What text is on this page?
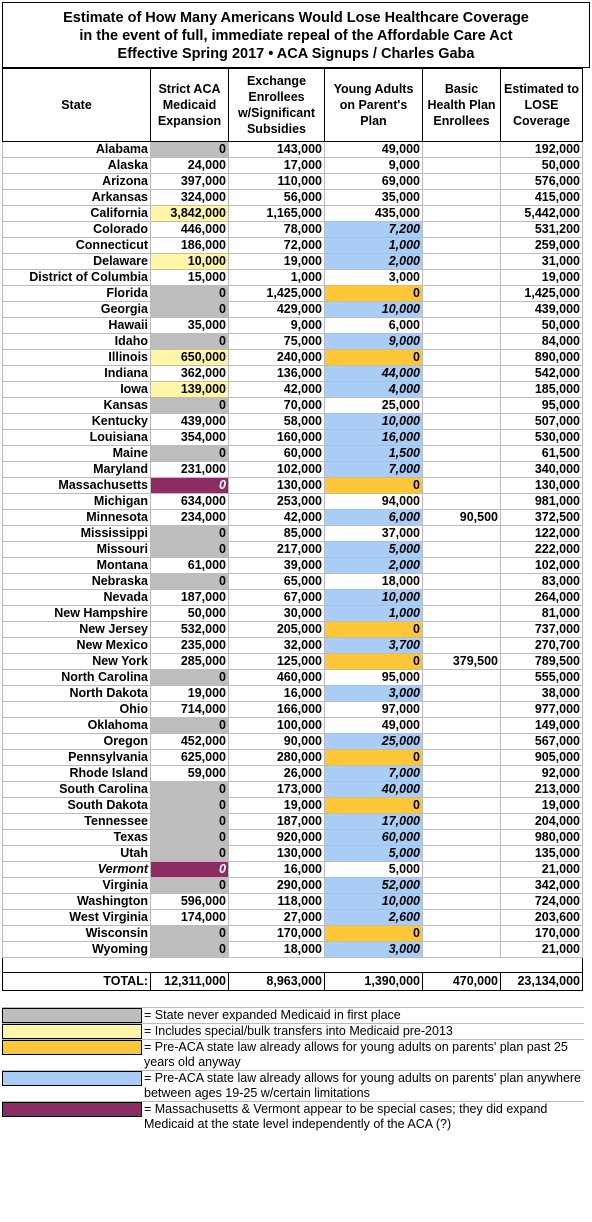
Estimate of How Many Americans Would Lose Healthcare Coverage
in the event of full, immediate repeal of the Affordable Care Act
Effective Spring 2017 • ACA Signups / Charles Gaba
State	Strict ACA Medicaid Expansion	Exchange Enrollees w/Significant Subsidies	Young Adults on Parent's Plan	Basic Health Plan Enrollees	Estimated to LOSE Coverage
Alabama	0	143,000	49,000		192,000
Alaska	24,000	17,000	9,000		50,000
Arizona	397,000	110,000	69,000		576,000
Arkansas	324,000	56,000	35,000		415,000
California	3,842,000	1,165,000	435,000		5,442,000
Colorado	446,000	78,000	7,200		531,200
Connecticut	186,000	72,000	1,000		259,000
Delaware	10,000	19,000	2,000		31,000
District of Columbia	15,000	1,000	3,000		19,000
Florida	0	1,425,000	0		1,425,000
Georgia	0	429,000	10,000		439,000
Hawaii	35,000	9,000	6,000		50,000
Idaho	0	75,000	9,000		84,000
Illinois	650,000	240,000	0		890,000
Indiana	362,000	136,000	44,000		542,000
Iowa	139,000	42,000	4,000		185,000
Kansas	0	70,000	25,000		95,000
Kentucky	439,000	58,000	10,000		507,000
Louisiana	354,000	160,000	16,000		530,000
Maine	0	60,000	1,500		61,500
Maryland	231,000	102,000	7,000		340,000
Massachusetts	0	130,000	0		130,000
Michigan	634,000	253,000	94,000		981,000
Minnesota	234,000	42,000	6,000	90,500	372,500
Mississippi	0	85,000	37,000		122,000
Missouri	0	217,000	5,000		222,000
Montana	61,000	39,000	2,000		102,000
Nebraska	0	65,000	18,000		83,000
Nevada	187,000	67,000	10,000		264,000
New Hampshire	50,000	30,000	1,000		81,000
New Jersey	532,000	205,000	0		737,000
New Mexico	235,000	32,000	3,700		270,700
New York	285,000	125,000	0	379,500	789,500
North Carolina	0	460,000	95,000		555,000
North Dakota	19,000	16,000	3,000		38,000
Ohio	714,000	166,000	97,000		977,000
Oklahoma	0	100,000	49,000		149,000
Oregon	452,000	90,000	25,000		567,000
Pennsylvania	625,000	280,000	0		905,000
Rhode Island	59,000	26,000	7,000		92,000
South Carolina	0	173,000	40,000		213,000
South Dakota	0	19,000	0		19,000
Tennessee	0	187,000	17,000		204,000
Texas	0	920,000	60,000		980,000
Utah	0	130,000	5,000		135,000
Vermont	0	16,000	5,000		21,000
Virginia	0	290,000	52,000		342,000
Washington	596,000	118,000	10,000		724,000
West Virginia	174,000	27,000	2,600		203,600
Wisconsin	0	170,000	0		170,000
Wyoming	0	18,000	3,000		21,000

TOTAL:	12,311,000	8,963,000	1,390,000	470,000	23,134,000
= State never expanded Medicaid in first place
= Includes special/bulk transfers into Medicaid pre-2013
= Pre-ACA state law already allows for young adults on parents' plan past 25 years old anyway
= Pre-ACA state law already allows for young adults on parents' plan anywhere between ages 19-25 w/certain limitations
= Massachusetts & Vermont appear to be special cases; they did expand Medicaid at the state level independently of the ACA (?)
